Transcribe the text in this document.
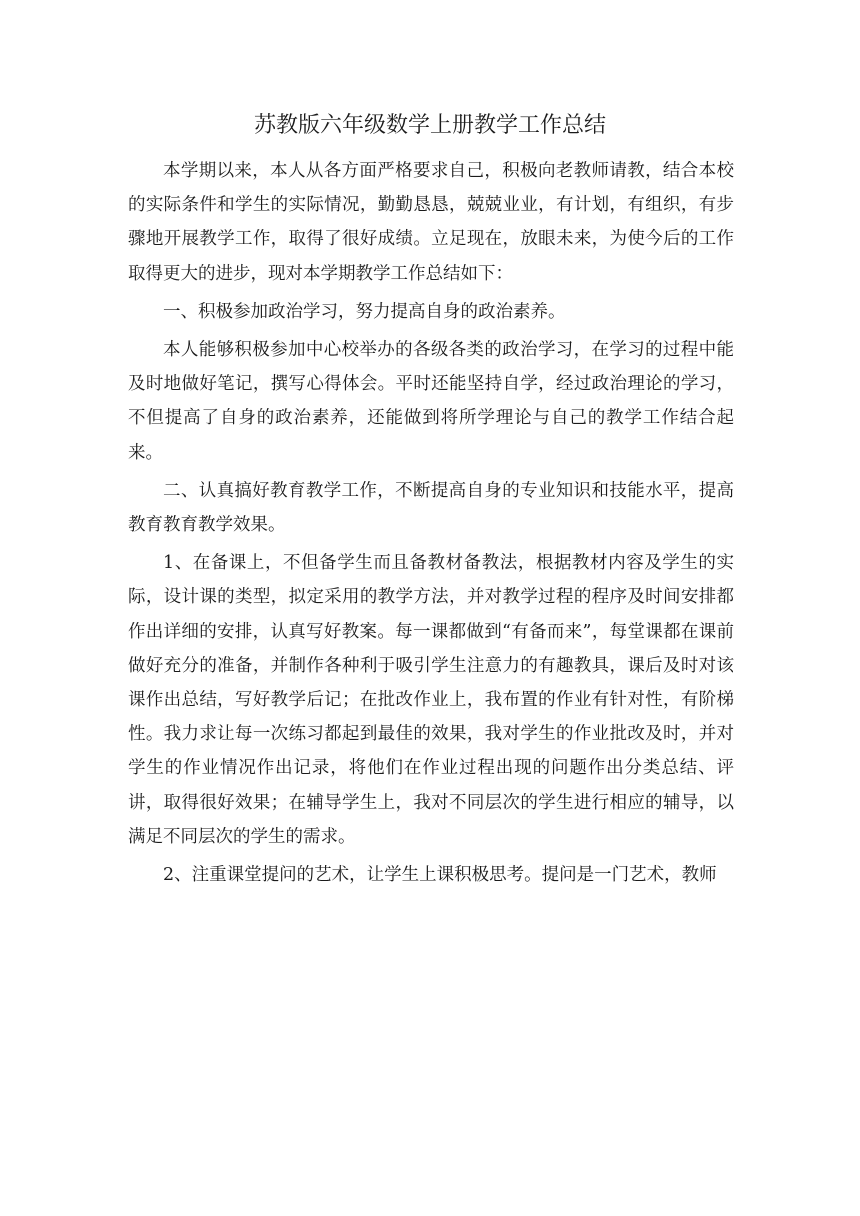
苏教版六年级数学上册教学工作总结

本学期以来，本人从各方面严格要求自己，积极向老教师请教，结合本校的实际条件和学生的实际情况，勤勤恳恳，兢兢业业，有计划，有组织，有步骤地开展教学工作，取得了很好成绩。立足现在，放眼未来，为使今后的工作取得更大的进步，现对本学期教学工作总结如下：

一、积极参加政治学习，努力提高自身的政治素养。

本人能够积极参加中心校举办的各级各类的政治学习，在学习的过程中能及时地做好笔记，撰写心得体会。平时还能坚持自学，经过政治理论的学习，不但提高了自身的政治素养，还能做到将所学理论与自己的教学工作结合起来。

二、认真搞好教育教学工作，不断提高自身的专业知识和技能水平，提高教育教育教学效果。

1、在备课上，不但备学生而且备教材备教法，根据教材内容及学生的实际，设计课的类型，拟定采用的教学方法，并对教学过程的程序及时间安排都作出详细的安排，认真写好教案。每一课都做到“有备而来”，每堂课都在课前做好充分的准备，并制作各种利于吸引学生注意力的有趣教具，课后及时对该课作出总结，写好教学后记；在批改作业上，我布置的作业有针对性，有阶梯性。我力求让每一次练习都起到最佳的效果，我对学生的作业批改及时，并对学生的作业情况作出记录，将他们在作业过程出现的问题作出分类总结、评讲，取得很好效果；在辅导学生上，我对不同层次的学生进行相应的辅导，以满足不同层次的学生的需求。

2、注重课堂提问的艺术，让学生上课积极思考。提问是一门艺术，教师
